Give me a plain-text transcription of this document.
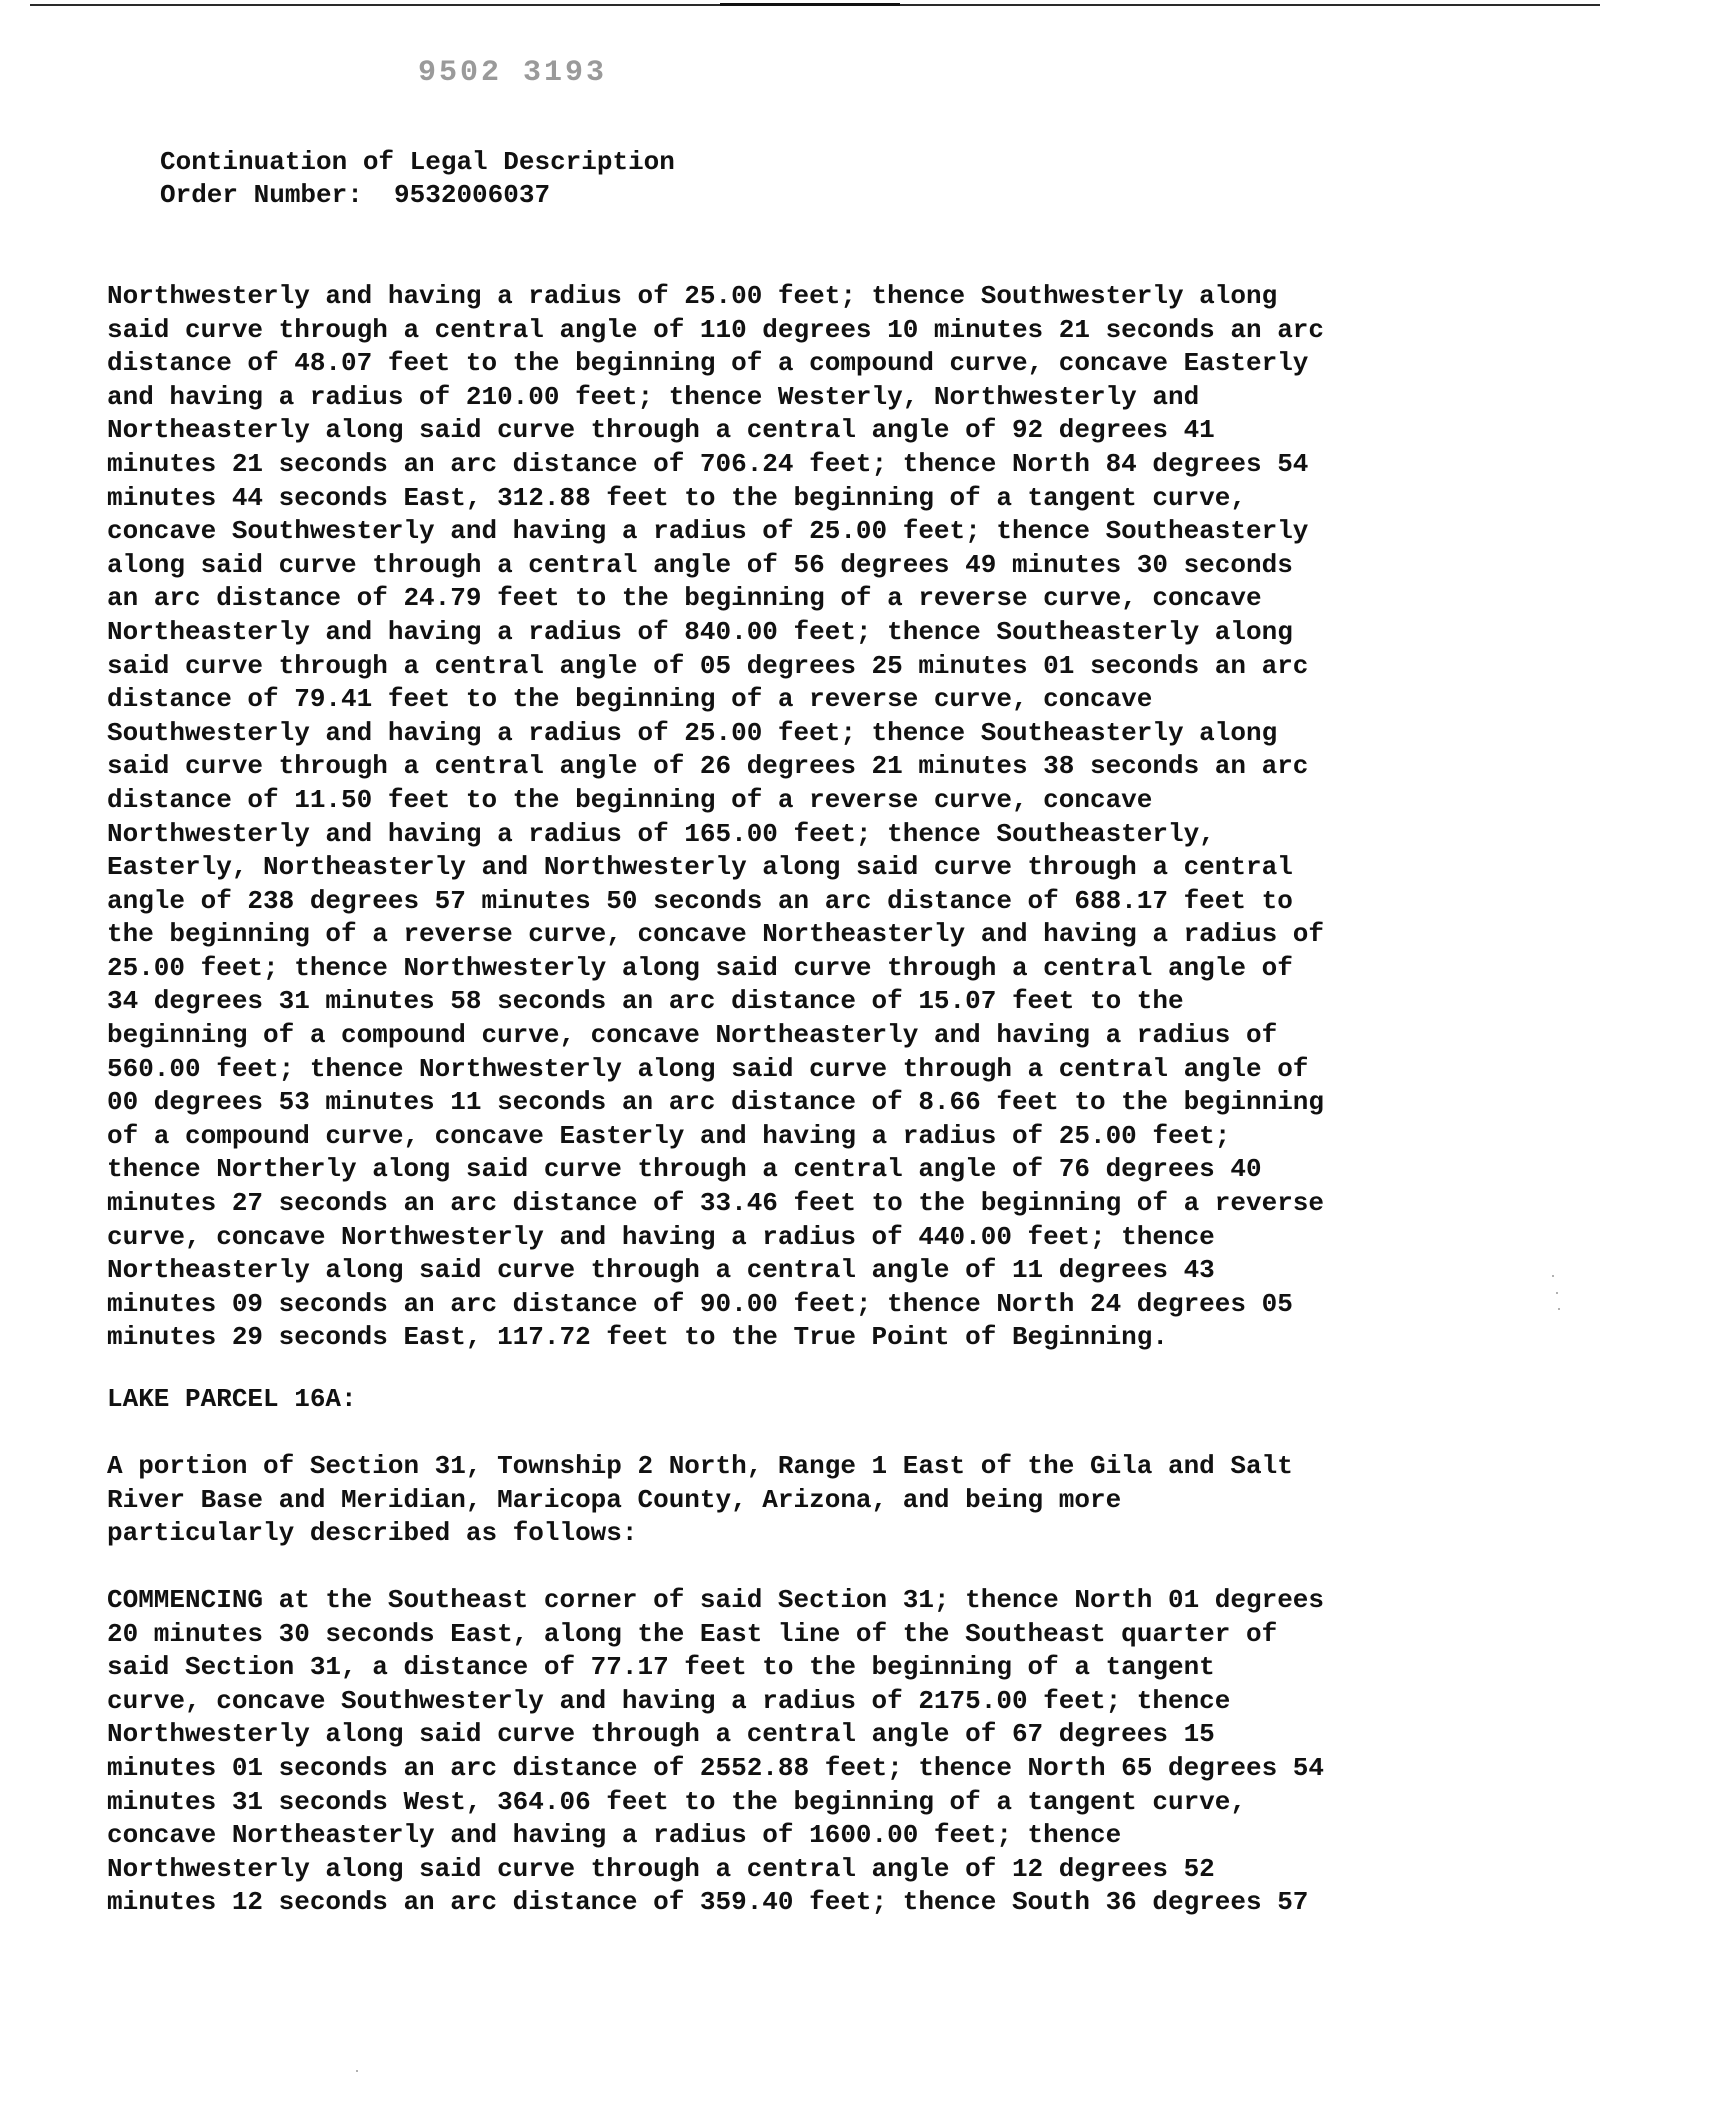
9502 3193
Continuation of Legal Description
Order Number:  9532006037
Northwesterly and having a radius of 25.00 feet; thence Southwesterly along
said curve through a central angle of 110 degrees 10 minutes 21 seconds an arc
distance of 48.07 feet to the beginning of a compound curve, concave Easterly
and having a radius of 210.00 feet; thence Westerly, Northwesterly and
Northeasterly along said curve through a central angle of 92 degrees 41
minutes 21 seconds an arc distance of 706.24 feet; thence North 84 degrees 54
minutes 44 seconds East, 312.88 feet to the beginning of a tangent curve,
concave Southwesterly and having a radius of 25.00 feet; thence Southeasterly
along said curve through a central angle of 56 degrees 49 minutes 30 seconds
an arc distance of 24.79 feet to the beginning of a reverse curve, concave
Northeasterly and having a radius of 840.00 feet; thence Southeasterly along
said curve through a central angle of 05 degrees 25 minutes 01 seconds an arc
distance of 79.41 feet to the beginning of a reverse curve, concave
Southwesterly and having a radius of 25.00 feet; thence Southeasterly along
said curve through a central angle of 26 degrees 21 minutes 38 seconds an arc
distance of 11.50 feet to the beginning of a reverse curve, concave
Northwesterly and having a radius of 165.00 feet; thence Southeasterly,
Easterly, Northeasterly and Northwesterly along said curve through a central
angle of 238 degrees 57 minutes 50 seconds an arc distance of 688.17 feet to
the beginning of a reverse curve, concave Northeasterly and having a radius of
25.00 feet; thence Northwesterly along said curve through a central angle of
34 degrees 31 minutes 58 seconds an arc distance of 15.07 feet to the
beginning of a compound curve, concave Northeasterly and having a radius of
560.00 feet; thence Northwesterly along said curve through a central angle of
00 degrees 53 minutes 11 seconds an arc distance of 8.66 feet to the beginning
of a compound curve, concave Easterly and having a radius of 25.00 feet;
thence Northerly along said curve through a central angle of 76 degrees 40
minutes 27 seconds an arc distance of 33.46 feet to the beginning of a reverse
curve, concave Northwesterly and having a radius of 440.00 feet; thence
Northeasterly along said curve through a central angle of 11 degrees 43
minutes 09 seconds an arc distance of 90.00 feet; thence North 24 degrees 05
minutes 29 seconds East, 117.72 feet to the True Point of Beginning.
LAKE PARCEL 16A:
A portion of Section 31, Township 2 North, Range 1 East of the Gila and Salt
River Base and Meridian, Maricopa County, Arizona, and being more
particularly described as follows:
COMMENCING at the Southeast corner of said Section 31; thence North 01 degrees
20 minutes 30 seconds East, along the East line of the Southeast quarter of
said Section 31, a distance of 77.17 feet to the beginning of a tangent
curve, concave Southwesterly and having a radius of 2175.00 feet; thence
Northwesterly along said curve through a central angle of 67 degrees 15
minutes 01 seconds an arc distance of 2552.88 feet; thence North 65 degrees 54
minutes 31 seconds West, 364.06 feet to the beginning of a tangent curve,
concave Northeasterly and having a radius of 1600.00 feet; thence
Northwesterly along said curve through a central angle of 12 degrees 52
minutes 12 seconds an arc distance of 359.40 feet; thence South 36 degrees 57
